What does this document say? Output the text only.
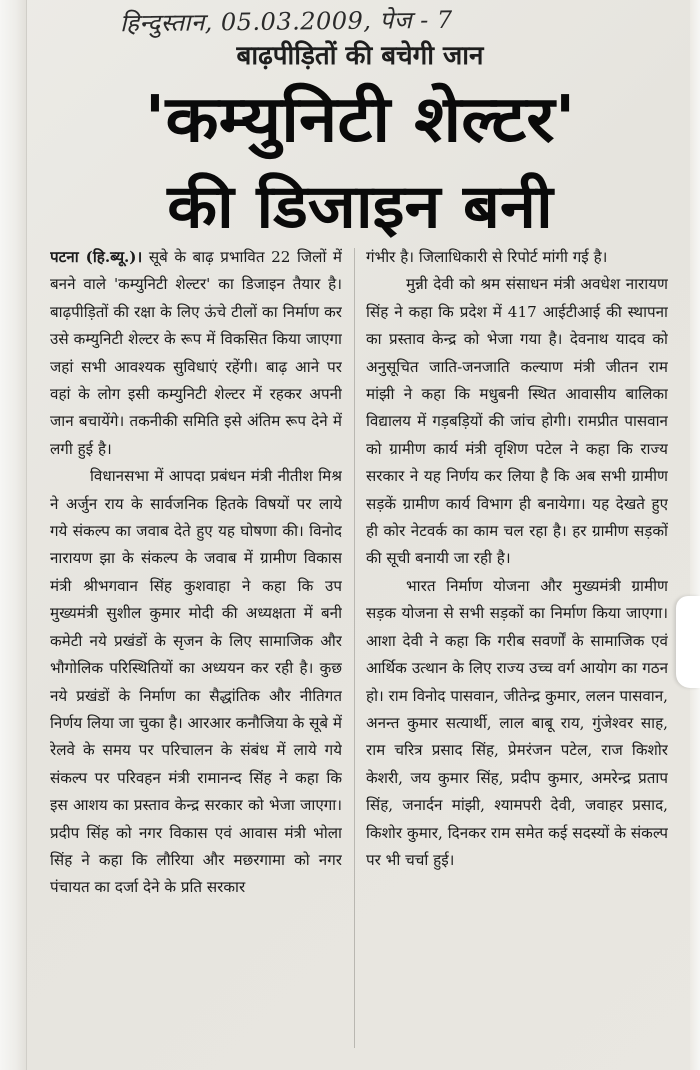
हिन्दुस्तान, 05.03.2009, पेज - 7
बाढ़पीड़ितों की बचेगी जान
'कम्युनिटी शेल्टर'
की डिजाइन बनी

पटना (हि.ब्यू.)। सूबे के बाढ़ प्रभावित 22 जिलों में बनने वाले 'कम्युनिटी शेल्टर' का डिजाइन तैयार है। बाढ़पीड़ितों की रक्षा के लिए ऊंचे टीलों का निर्माण कर उसे कम्युनिटी शेल्टर के रूप में विकसित किया जाएगा जहां सभी आवश्यक सुविधाएं रहेंगी। बाढ़ आने पर वहां के लोग इसी कम्युनिटी शेल्टर में रहकर अपनी जान बचायेंगे। तकनीकी समिति इसे अंतिम रूप देने में लगी हुई है।

विधानसभा में आपदा प्रबंधन मंत्री नीतीश मिश्र ने अर्जुन राय के सार्वजनिक हितके विषयों पर लाये गये संकल्प का जवाब देते हुए यह घोषणा की। विनोद नारायण झा के संकल्प के जवाब में ग्रामीण विकास मंत्री श्रीभगवान सिंह कुशवाहा ने कहा कि उप मुख्यमंत्री सुशील कुमार मोदी की अध्यक्षता में बनी कमेटी नये प्रखंडों के सृजन के लिए सामाजिक और भौगोलिक परिस्थितियों का अध्ययन कर रही है। कुछ नये प्रखंडों के निर्माण का सैद्धांतिक और नीतिगत निर्णय लिया जा चुका है। आरआर कनौजिया के सूबे में रेलवे के समय पर परिचालन के संबंध में लाये गये संकल्प पर परिवहन मंत्री रामानन्द सिंह ने कहा कि इस आशय का प्रस्ताव केन्द्र सरकार को भेजा जाएगा। प्रदीप सिंह को नगर विकास एवं आवास मंत्री भोला सिंह ने कहा कि लौरिया और मछरगामा को नगर पंचायत का दर्जा देने के प्रति सरकार

गंभीर है। जिलाधिकारी से रिपोर्ट मांगी गई है।

मुन्नी देवी को श्रम संसाधन मंत्री अवधेश नारायण सिंह ने कहा कि प्रदेश में 417 आईटीआई की स्थापना का प्रस्ताव केन्द्र को भेजा गया है। देवनाथ यादव को अनुसूचित जाति-जनजाति कल्याण मंत्री जीतन राम मांझी ने कहा कि मधुबनी स्थित आवासीय बालिका विद्यालय में गड़बड़ियों की जांच होगी। रामप्रीत पासवान को ग्रामीण कार्य मंत्री वृशिण पटेल ने कहा कि राज्य सरकार ने यह निर्णय कर लिया है कि अब सभी ग्रामीण सड़कें ग्रामीण कार्य विभाग ही बनायेगा। यह देखते हुए ही कोर नेटवर्क का काम चल रहा है। हर ग्रामीण सड़कों की सूची बनायी जा रही है।

भारत निर्माण योजना और मुख्यमंत्री ग्रामीण सड़क योजना से सभी सड़कों का निर्माण किया जाएगा। आशा देवी ने कहा कि गरीब सवर्णों के सामाजिक एवं आर्थिक उत्थान के लिए राज्य उच्च वर्ग आयोग का गठन हो। राम विनोद पासवान, जीतेन्द्र कुमार, ललन पासवान, अनन्त कुमार सत्यार्थी, लाल बाबू राय, गुंजेश्वर साह, राम चरित्र प्रसाद सिंह, प्रेमरंजन पटेल, राज किशोर केशरी, जय कुमार सिंह, प्रदीप कुमार, अमरेन्द्र प्रताप सिंह, जनार्दन मांझी, श्यामपरी देवी, जवाहर प्रसाद, किशोर कुमार, दिनकर राम समेत कई सदस्यों के संकल्प पर भी चर्चा हुई।
